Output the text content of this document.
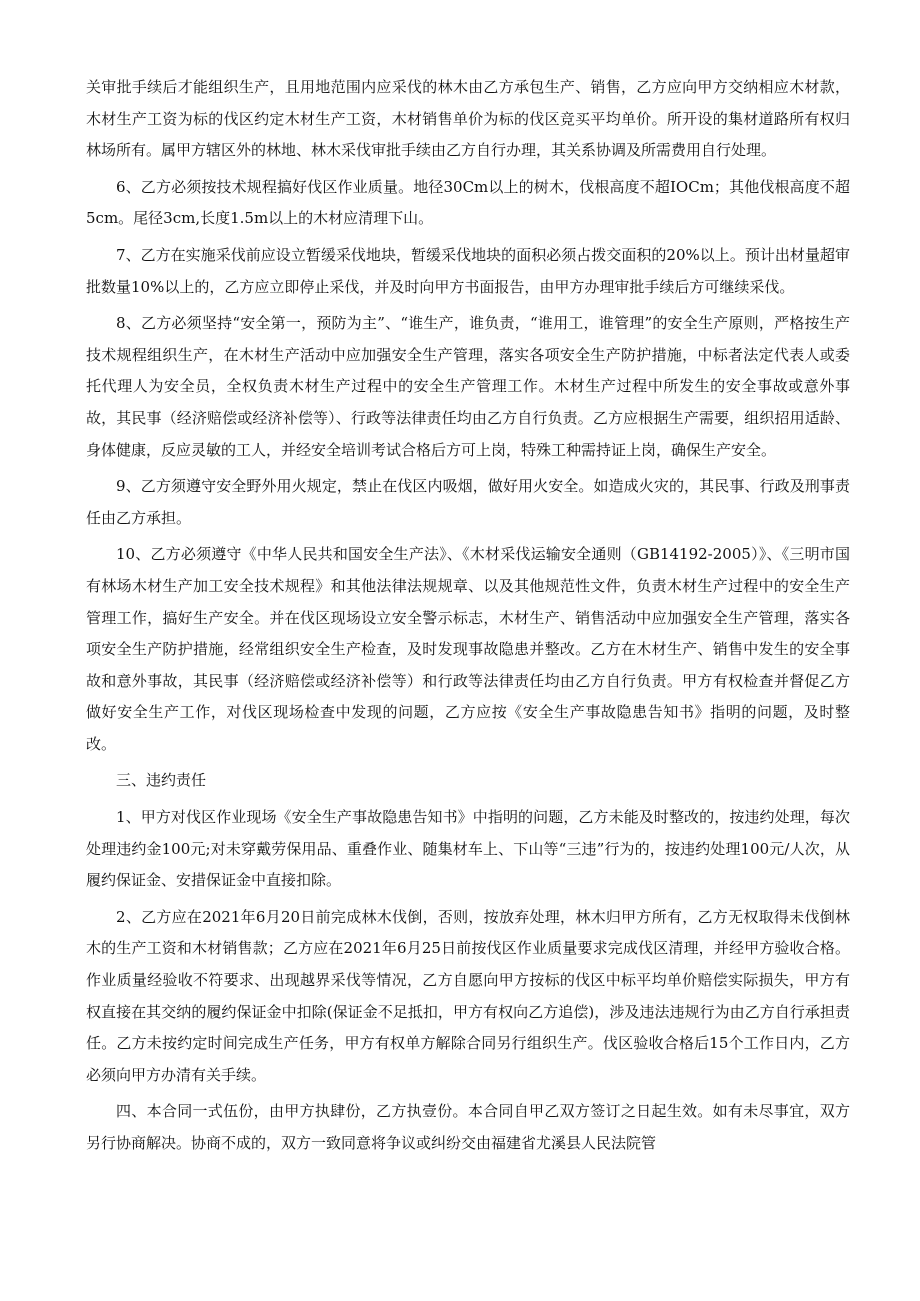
关审批手续后才能组织生产，且用地范围内应采伐的林木由乙方承包生产、销售，乙方应向甲方交纳相应木材款，木材生产工资为标的伐区约定木材生产工资，木材销售单价为标的伐区竞买平均单价。所开设的集材道路所有权归林场所有。属甲方辖区外的林地、林木采伐审批手续由乙方自行办理，其关系协调及所需费用自行处理。

6、乙方必须按技术规程搞好伐区作业质量。地径30Cm以上的树木，伐根高度不超IOCm；其他伐根高度不超5cm。尾径3cm,长度1.5m以上的木材应清理下山。

7、乙方在实施采伐前应设立暂缓采伐地块，暂缓采伐地块的面积必须占拨交面积的20%以上。预计出材量超审批数量10%以上的，乙方应立即停止采伐，并及时向甲方书面报告，由甲方办理审批手续后方可继续采伐。

8、乙方必须坚持“安全第一，预防为主”、“谁生产，谁负责，“谁用工，谁管理”的安全生产原则，严格按生产技术规程组织生产，在木材生产活动中应加强安全生产管理，落实各项安全生产防护措施，中标者法定代表人或委托代理人为安全员，全权负责木材生产过程中的安全生产管理工作。木材生产过程中所发生的安全事故或意外事故，其民事（经济赔偿或经济补偿等）、行政等法律责任均由乙方自行负责。乙方应根据生产需要，组织招用适龄、身体健康，反应灵敏的工人，并经安全培训考试合格后方可上岗，特殊工种需持证上岗，确保生产安全。

9、乙方须遵守安全野外用火规定，禁止在伐区内吸烟，做好用火安全。如造成火灾的，其民事、行政及刑事责任由乙方承担。

10、乙方必须遵守《中华人民共和国安全生产法》、《木材采伐运输安全通则（GB14192-2005）》、《三明市国有林场木材生产加工安全技术规程》和其他法律法规规章、以及其他规范性文件，负责木材生产过程中的安全生产管理工作，搞好生产安全。并在伐区现场设立安全警示标志，木材生产、销售活动中应加强安全生产管理，落实各项安全生产防护措施，经常组织安全生产检查，及时发现事故隐患并整改。乙方在木材生产、销售中发生的安全事故和意外事故，其民事（经济赔偿或经济补偿等）和行政等法律责任均由乙方自行负责。甲方有权检查并督促乙方做好安全生产工作，对伐区现场检查中发现的问题，乙方应按《安全生产事故隐患告知书》指明的问题，及时整改。

三、违约责任

1、甲方对伐区作业现场《安全生产事故隐患告知书》中指明的问题，乙方未能及时整改的，按违约处理，每次处理违约金100元;对未穿戴劳保用品、重叠作业、随集材车上、下山等“三违”行为的，按违约处理100元/人次，从履约保证金、安措保证金中直接扣除。

2、乙方应在2021年6月20日前完成林木伐倒，否则，按放弃处理，林木归甲方所有，乙方无权取得未伐倒林木的生产工资和木材销售款；乙方应在2021年6月25日前按伐区作业质量要求完成伐区清理，并经甲方验收合格。作业质量经验收不符要求、出现越界采伐等情况，乙方自愿向甲方按标的伐区中标平均单价赔偿实际损失，甲方有权直接在其交纳的履约保证金中扣除(保证金不足抵扣，甲方有权向乙方追偿)，涉及违法违规行为由乙方自行承担责任。乙方未按约定时间完成生产任务，甲方有权单方解除合同另行组织生产。伐区验收合格后15个工作日内，乙方必须向甲方办清有关手续。

四、本合同一式伍份，由甲方执肆份，乙方执壹份。本合同自甲乙双方签订之日起生效。如有未尽事宜，双方另行协商解决。协商不成的，双方一致同意将争议或纠纷交由福建省尤溪县人民法院管
